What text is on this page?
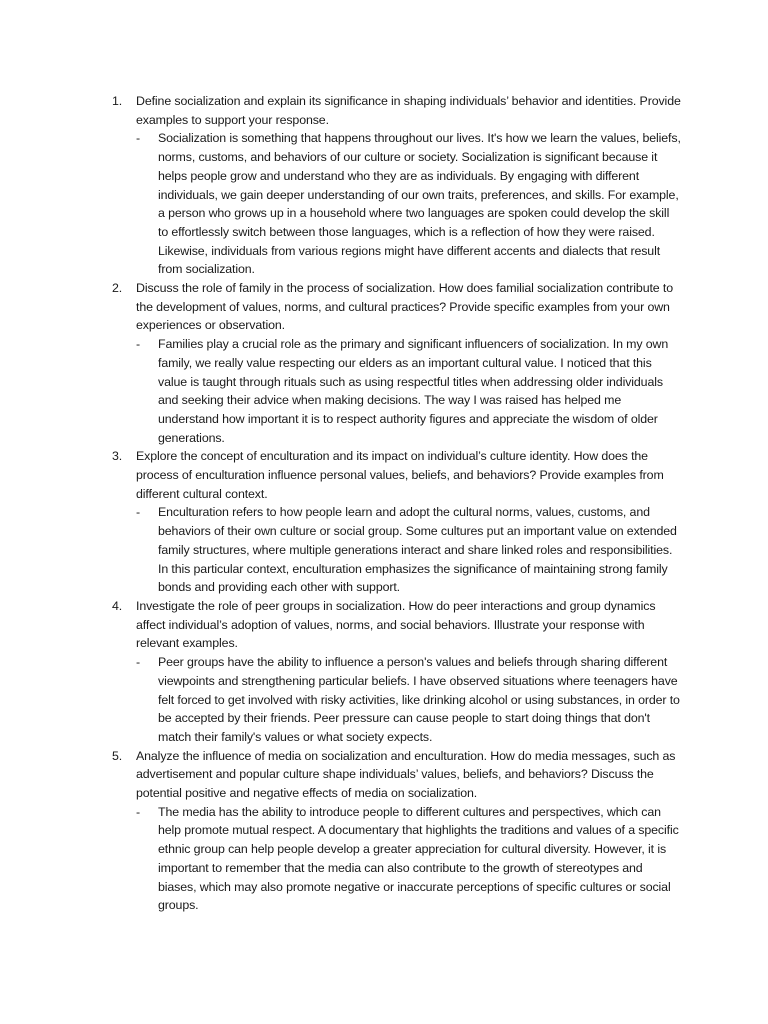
1. Define socialization and explain its significance in shaping individuals’ behavior and identities. Provide examples to support your response.
- Socialization is something that happens throughout our lives. It's how we learn the values, beliefs, norms, customs, and behaviors of our culture or society. Socialization is significant because it helps people grow and understand who they are as individuals. By engaging with different individuals, we gain deeper understanding of our own traits, preferences, and skills. For example, a person who grows up in a household where two languages are spoken could develop the skill to effortlessly switch between those languages, which is a reflection of how they were raised. Likewise, individuals from various regions might have different accents and dialects that result from socialization.
2. Discuss the role of family in the process of socialization. How does familial socialization contribute to the development of values, norms, and cultural practices? Provide specific examples from your own experiences or observation.
- Families play a crucial role as the primary and significant influencers of socialization. In my own family, we really value respecting our elders as an important cultural value. I noticed that this value is taught through rituals such as using respectful titles when addressing older individuals and seeking their advice when making decisions. The way I was raised has helped me understand how important it is to respect authority figures and appreciate the wisdom of older generations.
3. Explore the concept of enculturation and its impact on individual’s culture identity. How does the process of enculturation influence personal values, beliefs, and behaviors? Provide examples from different cultural context.
- Enculturation refers to how people learn and adopt the cultural norms, values, customs, and behaviors of their own culture or social group. Some cultures put an important value on extended family structures, where multiple generations interact and share linked roles and responsibilities. In this particular context, enculturation emphasizes the significance of maintaining strong family bonds and providing each other with support.
4. Investigate the role of peer groups in socialization. How do peer interactions and group dynamics affect individual’s adoption of values, norms, and social behaviors. Illustrate your response with relevant examples.
- Peer groups have the ability to influence a person's values and beliefs through sharing different viewpoints and strengthening particular beliefs. I have observed situations where teenagers have felt forced to get involved with risky activities, like drinking alcohol or using substances, in order to be accepted by their friends. Peer pressure can cause people to start doing things that don't match their family's values or what society expects.
5. Analyze the influence of media on socialization and enculturation. How do media messages, such as advertisement and popular culture shape individuals’ values, beliefs, and behaviors? Discuss the potential positive and negative effects of media on socialization.
- The media has the ability to introduce people to different cultures and perspectives, which can help promote mutual respect. A documentary that highlights the traditions and values of a specific ethnic group can help people develop a greater appreciation for cultural diversity. However, it is important to remember that the media can also contribute to the growth of stereotypes and biases, which may also promote negative or inaccurate perceptions of specific cultures or social groups.
